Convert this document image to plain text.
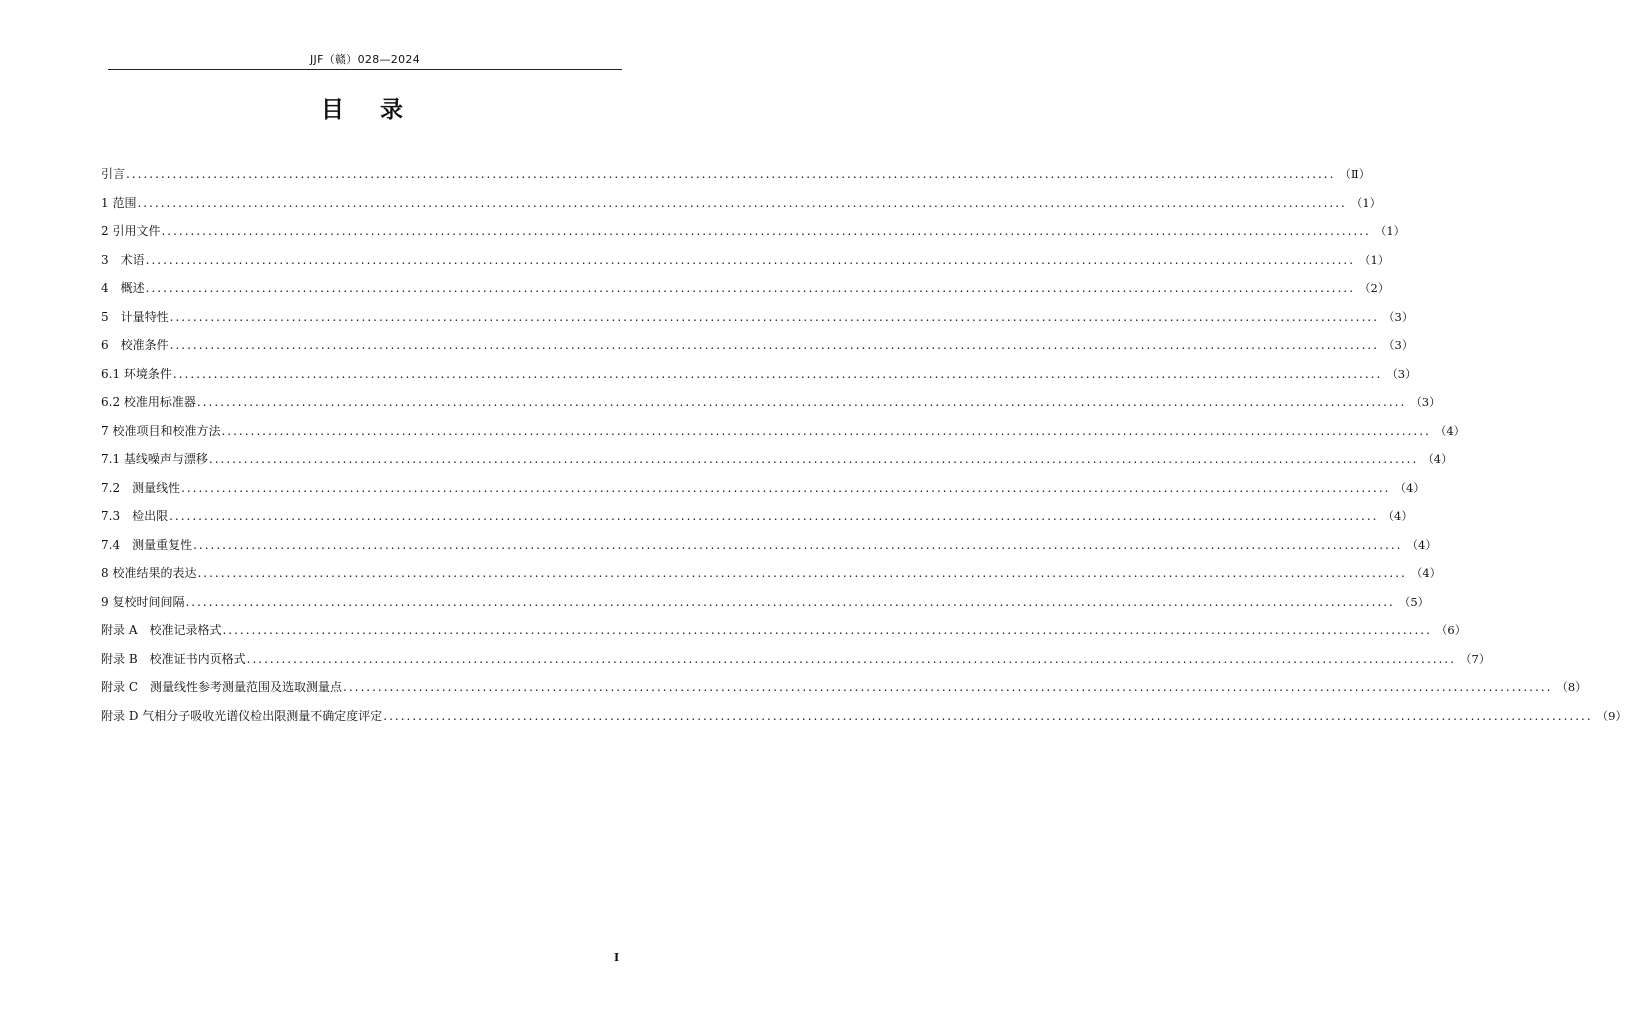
JJF（赣）028—2024
目 录
引言 .....	（Ⅱ）
1 范围 .....	（1）
2 引用文件 .....	（1）
3　术语 .....	（1）
4　概述 .....	（2）
5　计量特性 .....	（3）
6　校准条件 .....	（3）
6.1 环境条件 .....	（3）
6.2 校准用标准器 .....	（3）
7 校准项目和校准方法 .....	（4）
7.1 基线噪声与漂移 .....	（4）
7.2　测量线性 .....	（4）
7.3　检出限 .....	（4）
7.4　测量重复性 .....	（4）
8 校准结果的表达 .....	（4）
9 复校时间间隔 .....	（5）
附录 A　校准记录格式 .....	（6）
附录 B　校准证书内页格式 .....	（7）
附录 C　测量线性参考测量范围及选取测量点 .....	（8）
附录 D 气相分子吸收光谱仪检出限测量不确定度评定 .....	（9）
I
